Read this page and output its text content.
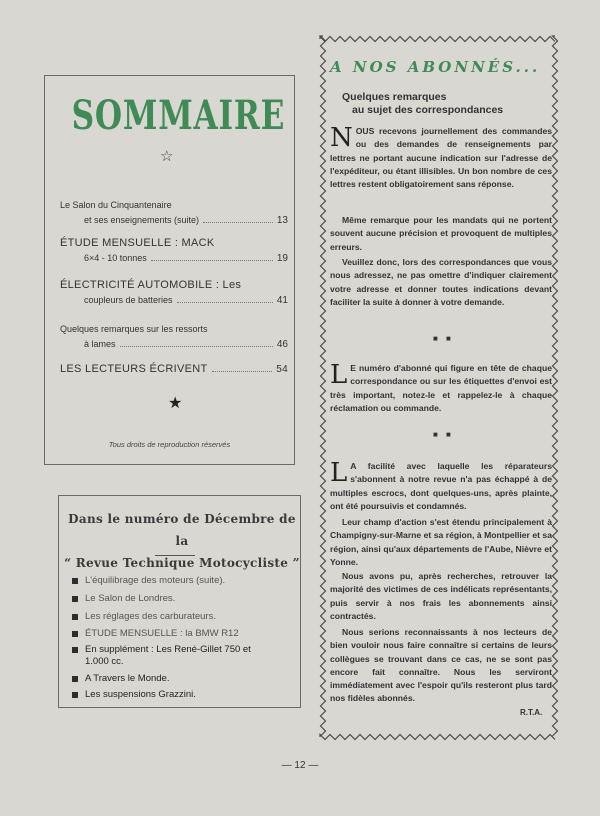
SOMMAIRE
☆
Le Salon du Cinquantenaire
et ses enseignements (suite)	13
ÉTUDE MENSUELLE : MACK
6×4 - 10 tonnes	19
ÉLECTRICITÉ AUTOMOBILE : Les
coupleurs de batteries	41
Quelques remarques sur les ressorts
à lames	46
LES LECTEURS ÉCRIVENT	54
★
Tous droits de reproduction réservés
Dans le numéro de Décembre de la
“ Revue Technique Motocycliste ”
L'équilibrage des moteurs (suite).
Le Salon de Londres.
Les réglages des carburateurs.
ÉTUDE MENSUELLE : la BMW R12
En supplément : Les René-Gillet 750 et 1.000 cc.
A Travers le Monde.
Les suspensions Grazzini.
A NOS ABONNÉS...
Quelques remarques
au sujet des correspondances
NOUS recevons journellement des commandes ou des demandes de renseignements par lettres ne portant aucune indication sur l'adresse de l'expéditeur, ou étant illisibles. Un bon nombre de ces lettres restent obligatoirement sans réponse.
Même remarque pour les mandats qui ne portent souvent aucune précision et provoquent de multiples erreurs.
Veuillez donc, lors des correspondances que vous nous adressez, ne pas omettre d'indiquer clairement votre adresse et donner toutes indications devant faciliter la suite à donner à votre demande.
■ ■
L E numéro d'abonné qui figure en tête de chaque correspondance ou sur les étiquettes d'envoi est très important, notez-le et rappelez-le à chaque réclamation ou commande.
■ ■
L A facilité avec laquelle les réparateurs s'abonnent à notre revue n'a pas échappé à de multiples escrocs, dont quelques-uns, après plainte, ont été poursuivis et condamnés.
Leur champ d'action s'est étendu principalement à Champigny-sur-Marne et sa région, à Montpellier et sa région, ainsi qu'aux départements de l'Aube, Nièvre et Yonne.
Nous avons pu, après recherches, retrouver la majorité des victimes de ces indélicats représentants, puis servir à nos frais les abonnements ainsi contractés.
Nous serions reconnaissants à nos lecteurs de bien vouloir nous faire connaître si certains de leurs collègues se trouvant dans ce cas, ne se sont pas encore fait connaître. Nous les serviront immédiatement avec l'espoir qu'ils resteront plus tard nos fidèles abonnés.
R.T.A.
— 12 —
